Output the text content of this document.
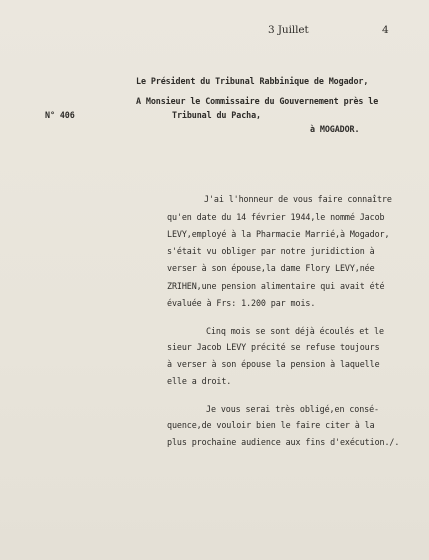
3 Juillet	4
Le Président du Tribunal Rabbinique de Mogador,
A Monsieur le Commissaire du Gouvernement près le
N° 406	Tribunal du Pacha,
à MOGADOR.
J'ai l'honneur de vous faire connaître
qu'en date du 14 février 1944,le nommé Jacob
LEVY,employé à la Pharmacie Marrié,à Mogador,
s'était vu obliger par notre juridiction à
verser à son épouse,la dame Flory LEVY,née
ZRIHEN,une pension alimentaire qui avait été
évaluée à Frs: 1.200 par mois.
Cinq mois se sont déjà écoulés et le
sieur Jacob LEVY précité se refuse toujours
à verser à son épouse la pension à laquelle
elle a droit.
Je vous serai très obligé,en consé-
quence,de vouloir bien le faire citer à la
plus prochaine audience aux fins d'exécution./.
